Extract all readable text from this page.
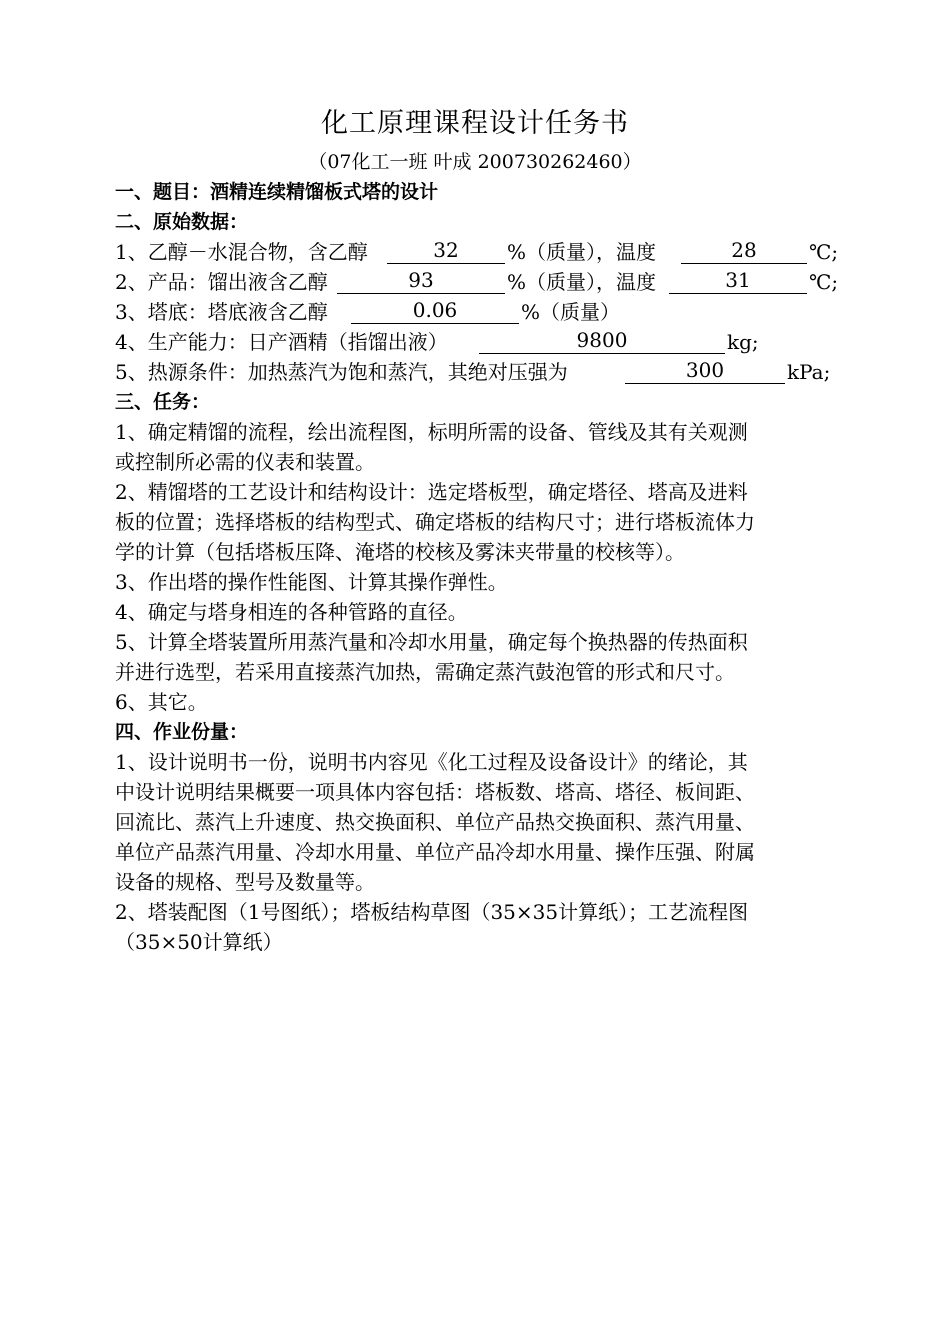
化工原理课程设计任务书
（07化工一班 叶成 200730262460）
一、题目：酒精连续精馏板式塔的设计
二、原始数据：
1、乙醇－水混合物，含乙醇	32	%（质量），温度	28	℃;
2、产品：馏出液含乙醇	93	%（质量），温度	31	℃;
3、塔底：塔底液含乙醇	0.06	%（质量）
4、生产能力：日产酒精（指馏出液）	9800	kg;
5、热源条件：加热蒸汽为饱和蒸汽，其绝对压强为	300	kPa;
三、任务：
1、确定精馏的流程，绘出流程图，标明所需的设备、管线及其有关观测
或控制所必需的仪表和装置。
2、精馏塔的工艺设计和结构设计：选定塔板型，确定塔径、塔高及进料
板的位置；选择塔板的结构型式、确定塔板的结构尺寸；进行塔板流体力
学的计算（包括塔板压降、淹塔的校核及雾沫夹带量的校核等）。
3、作出塔的操作性能图、计算其操作弹性。
4、确定与塔身相连的各种管路的直径。
5、计算全塔装置所用蒸汽量和冷却水用量，确定每个换热器的传热面积
并进行选型，若采用直接蒸汽加热，需确定蒸汽鼓泡管的形式和尺寸。
6、其它。
四、作业份量：
1、设计说明书一份，说明书内容见《化工过程及设备设计》的绪论，其
中设计说明结果概要一项具体内容包括：塔板数、塔高、塔径、板间距、
回流比、蒸汽上升速度、热交换面积、单位产品热交换面积、蒸汽用量、
单位产品蒸汽用量、冷却水用量、单位产品冷却水用量、操作压强、附属
设备的规格、型号及数量等。
2、塔装配图（1号图纸）；塔板结构草图（35×35计算纸）；工艺流程图
（35×50计算纸）
